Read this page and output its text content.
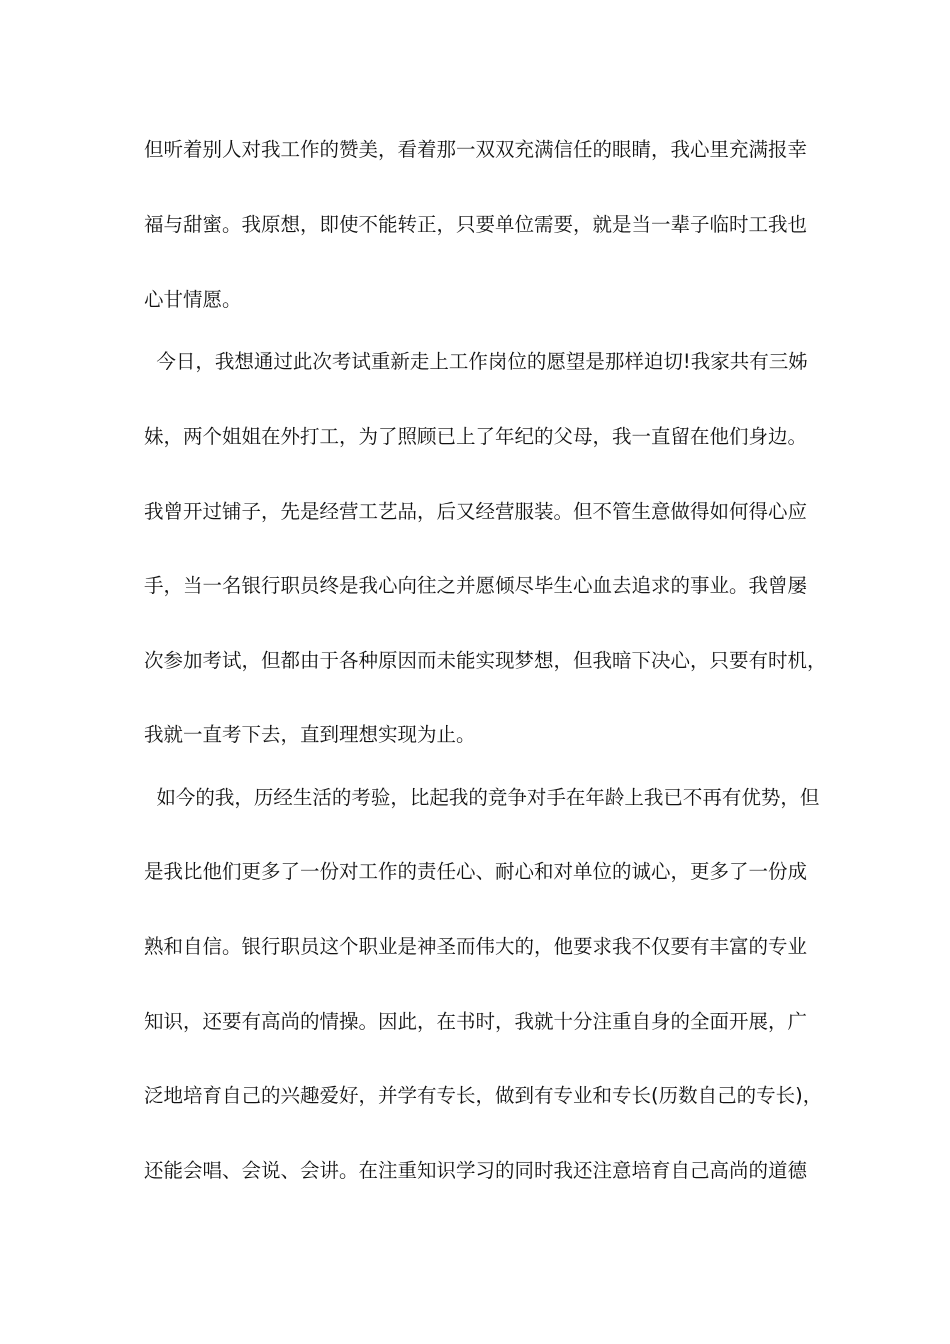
但听着别人对我工作的赞美，看着那一双双充满信任的眼睛，我心里充满报幸
福与甜蜜。我原想，即使不能转正，只要单位需要，就是当一辈子临时工我也
心甘情愿。
今日，我想通过此次考试重新走上工作岗位的愿望是那样迫切!我家共有三姊
妹，两个姐姐在外打工，为了照顾已上了年纪的父母，我一直留在他们身边。
我曾开过铺子，先是经营工艺品，后又经营服装。但不管生意做得如何得心应
手，当一名银行职员终是我心向往之并愿倾尽毕生心血去追求的事业。我曾屡
次参加考试，但都由于各种原因而未能实现梦想，但我暗下决心，只要有时机，
我就一直考下去，直到理想实现为止。
如今的我，历经生活的考验，比起我的竞争对手在年龄上我已不再有优势，但
是我比他们更多了一份对工作的责任心、耐心和对单位的诚心，更多了一份成
熟和自信。银行职员这个职业是神圣而伟大的，他要求我不仅要有丰富的专业
知识，还要有高尚的情操。因此，在书时，我就十分注重自身的全面开展，广
泛地培育自己的兴趣爱好，并学有专长，做到有专业和专长(历数自己的专长)，
还能会唱、会说、会讲。在注重知识学习的同时我还注意培育自己高尚的道德
